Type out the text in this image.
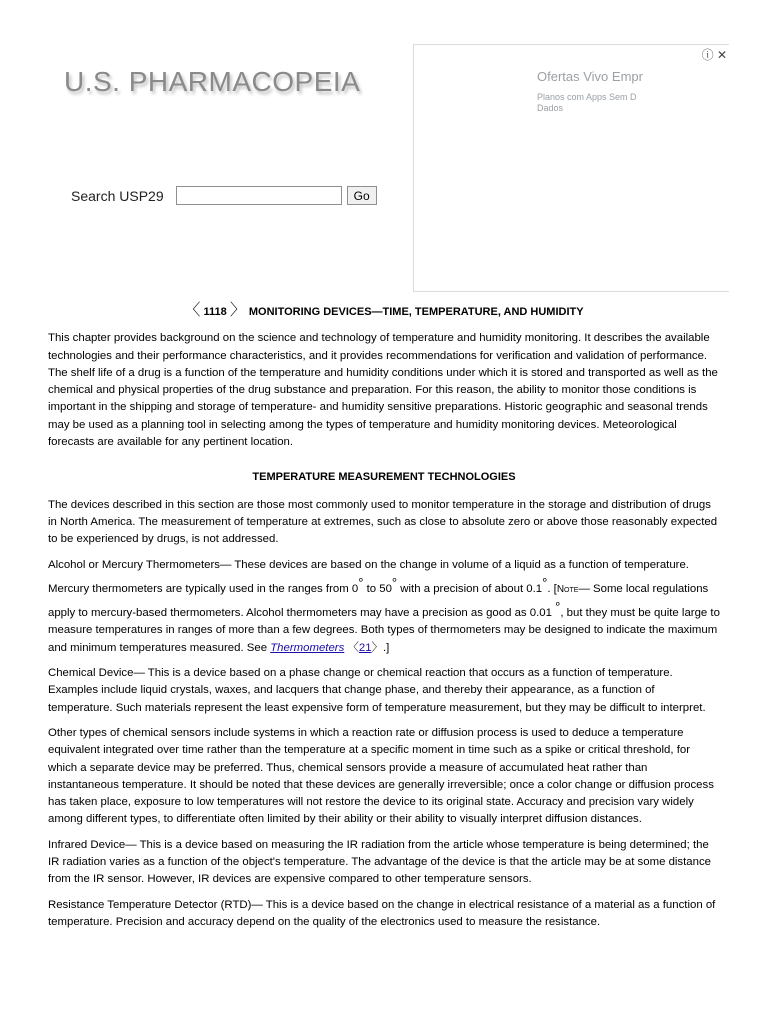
U.S. PHARMACOPEIA
Search USP29	Go
ⓘ ✕
Ofertas Vivo Empr
Planos com Apps Sem D Dados
〈 1118 〉 MONITORING DEVICES—TIME, TEMPERATURE, AND HUMIDITY

This chapter provides background on the science and technology of temperature and humidity monitoring. It describes the available technologies and their performance characteristics, and it provides recommendations for verification and validation of performance. The shelf life of a drug is a function of the temperature and humidity conditions under which it is stored and transported as well as the chemical and physical properties of the drug substance and preparation. For this reason, the ability to monitor those conditions is important in the shipping and storage of temperature- and humidity sensitive preparations. Historic geographic and seasonal trends may be used as a planning tool in selecting among the types of temperature and humidity monitoring devices. Meteorological forecasts are available for any pertinent location.

TEMPERATURE MEASUREMENT TECHNOLOGIES

The devices described in this section are those most commonly used to monitor temperature in the storage and distribution of drugs in North America. The measurement of temperature at extremes, such as close to absolute zero or above those reasonably expected to be experienced by drugs, is not addressed.

Alcohol or Mercury Thermometers— These devices are based on the change in volume of a liquid as a function of temperature. Mercury thermometers are typically used in the ranges from 0° to 50° with a precision of about 0.1°. [Note— Some local regulations apply to mercury-based thermometers. Alcohol thermometers may have a precision as good as 0.01 °, but they must be quite large to measure temperatures in ranges of more than a few degrees. Both types of thermometers may be designed to indicate the maximum and minimum temperatures measured. See Thermometers 〈21〉.]

Chemical Device— This is a device based on a phase change or chemical reaction that occurs as a function of temperature. Examples include liquid crystals, waxes, and lacquers that change phase, and thereby their appearance, as a function of temperature. Such materials represent the least expensive form of temperature measurement, but they may be difficult to interpret.

Other types of chemical sensors include systems in which a reaction rate or diffusion process is used to deduce a temperature equivalent integrated over time rather than the temperature at a specific moment in time such as a spike or critical threshold, for which a separate device may be preferred. Thus, chemical sensors provide a measure of accumulated heat rather than instantaneous temperature. It should be noted that these devices are generally irreversible; once a color change or diffusion process has taken place, exposure to low temperatures will not restore the device to its original state. Accuracy and precision vary widely among different types, to differentiate often limited by their ability or their ability to visually interpret diffusion distances.

Infrared Device— This is a device based on measuring the IR radiation from the article whose temperature is being determined; the IR radiation varies as a function of the object's temperature. The advantage of the device is that the article may be at some distance from the IR sensor. However, IR devices are expensive compared to other temperature sensors.

Resistance Temperature Detector (RTD)— This is a device based on the change in electrical resistance of a material as a function of temperature. Precision and accuracy depend on the quality of the electronics used to measure the resistance.
